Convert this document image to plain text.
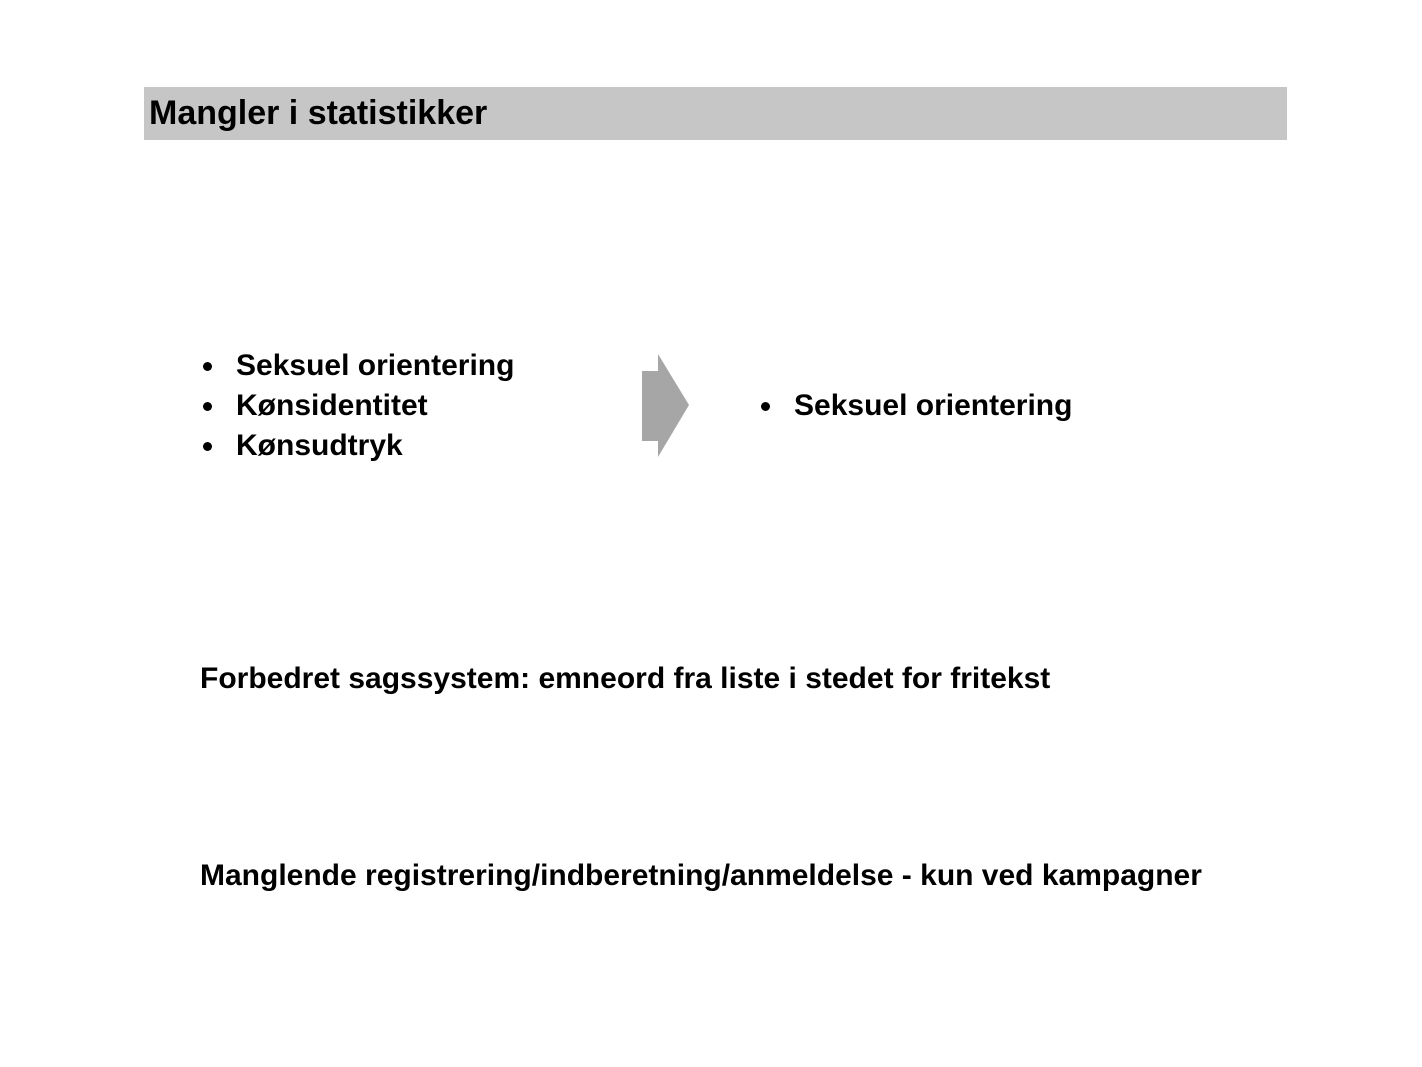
Mangler i statistikker
Seksuel orientering
Kønsidentitet
Kønsudtryk
Seksuel orientering
Forbedret sagssystem: emneord fra liste i stedet for fritekst
Manglende registrering/indberetning/anmeldelse - kun ved kampagner
